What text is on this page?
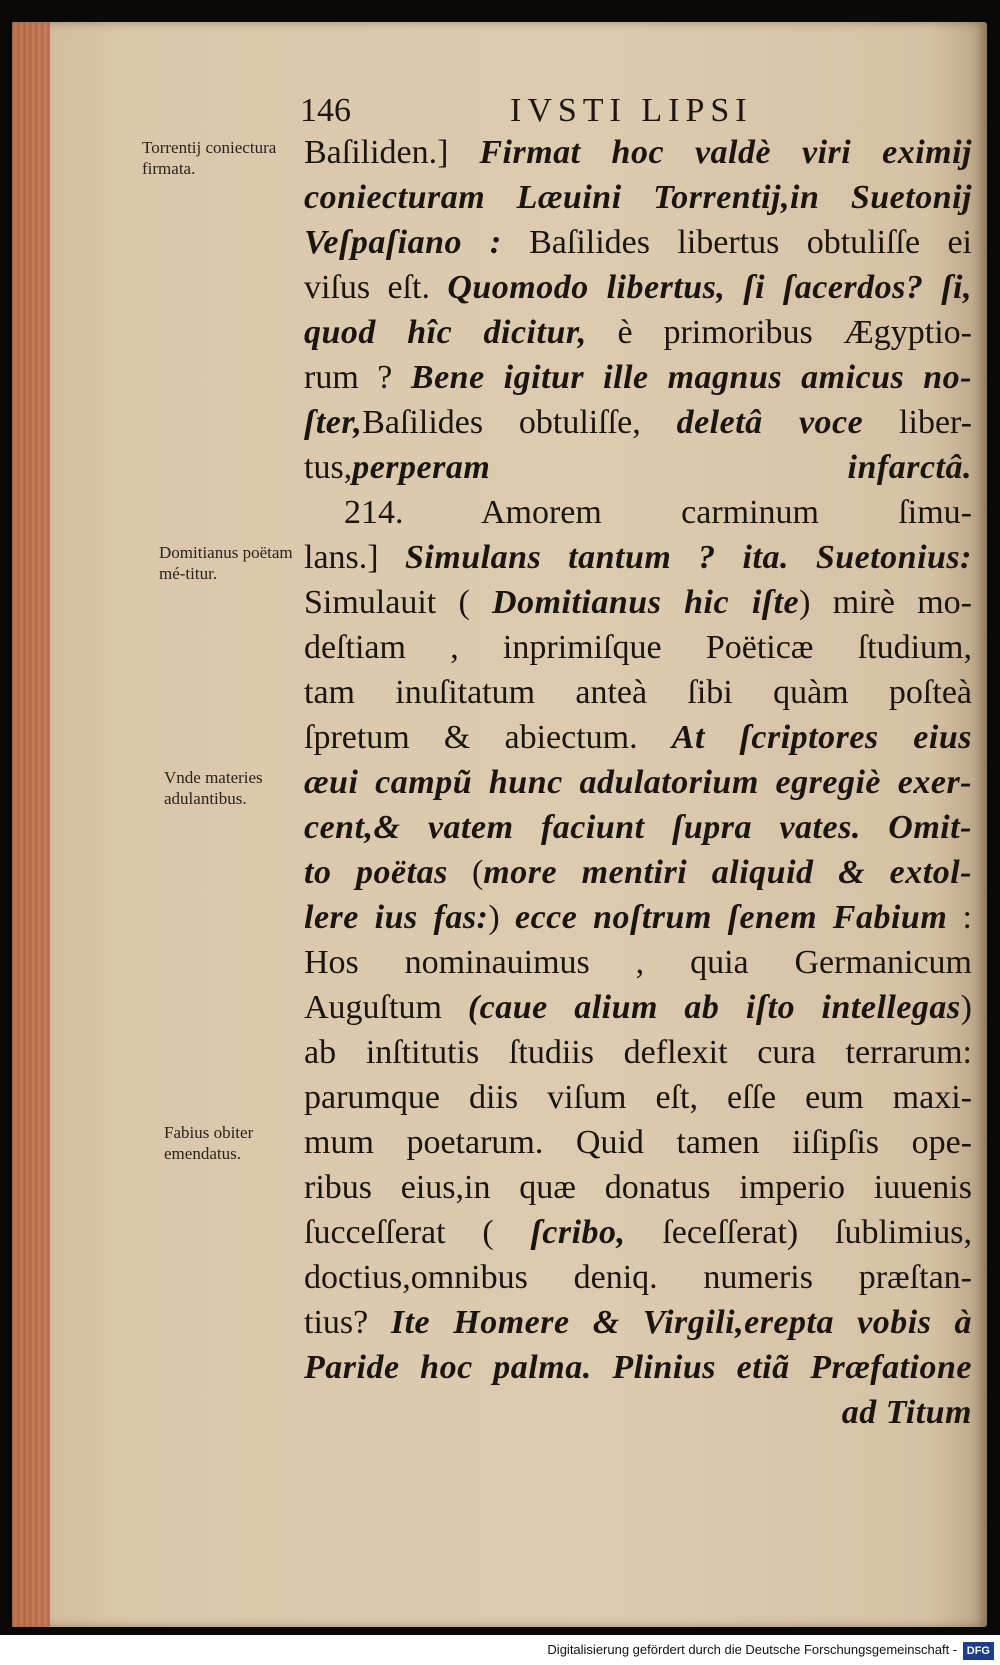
146	IVSTI LIPSI
Torrentij coniectura firmata.
Domitianus poëtam mé-titur.
Vnde materies adulantibus.
Fabius obiter emendatus.
Baſiliden.] Firmat hoc valdè viri eximij
coniecturam Læuini Torrentij,in Suetonij
Veſpaſiano : Baſilides libertus obtuliſſe ei
viſus eſt. Quomodo libertus, ſi ſacerdos? ſi,
quod hîc dicitur, è primoribus Ægyptio-
rum ? Bene igitur ille magnus amicus no-
ſter,Baſilides obtuliſſe, deletâ voce liber-
tus,perperam infarctâ.
214. Amorem carminum ſimu-
lans.] Simulans tantum ? ita. Suetonius:
Simulauit ( Domitianus hic iſte) mirè mo-
deſtiam , inprimiſque Poëticæ ſtudium,
tam inuſitatum anteà ſibi quàm poſteà
ſpretum & abiectum. At ſcriptores eius
æui campũ hunc adulatorium egregiè exer-
cent,& vatem faciunt ſupra vates. Omit-
to poëtas (more mentiri aliquid & extol-
lere ius fas:) ecce noſtrum ſenem Fabium :
Hos nominauimus , quia Germanicum
Auguſtum (caue alium ab iſto intellegas)
ab inſtitutis ſtudiis deflexit cura terrarum:
parumque diis viſum eſt, eſſe eum maxi-
mum poetarum. Quid tamen iiſipſis ope-
ribus eius,in quæ donatus imperio iuuenis
ſucceſſerat ( ſcribo, ſeceſſerat) ſublimius,
doctius,omnibus deniq. numeris præſtan-
tius? Ite Homere & Virgili,erepta vobis à
Paride hoc palma. Plinius etiã Præfatione
ad Titum
Digitalisierung gefördert durch die Deutsche Forschungsgemeinschaft - DFG
